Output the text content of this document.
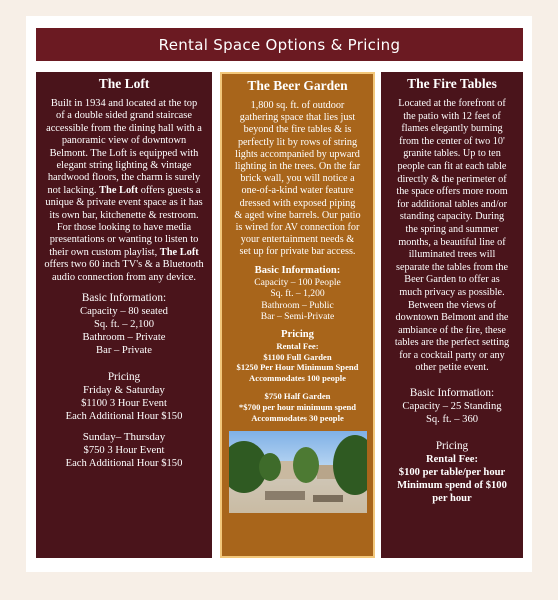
Rental Space Options & Pricing
The Loft

Built in 1934 and located at the top
of a double sided grand staircase
accessible from the dining hall with a
panoramic view of downtown
Belmont. The Loft is equipped with
elegant string lighting & vintage
hardwood floors, the charm is surely
not lacking. The Loft offers guests a
unique & private event space as it has
its own bar, kitchenette & restroom.
For those looking to have media
presentations or wanting to listen to
their own custom playlist, The Loft
offers two 60 inch TV's & a Bluetooth
audio connection from any device.

Basic Information:
Capacity – 80 seated
Sq. ft. – 2,100
Bathroom – Private
Bar – Private
Pricing
Friday & Saturday
$1100 3 Hour Event
Each Additional Hour $150
Sunday– Thursday
$750 3 Hour Event
Each Additional Hour $150
The Beer Garden

1,800 sq. ft. of outdoor
gathering space that lies just
beyond the fire tables & is
perfectly lit by rows of string
lights accompanied by upward
lighting in the trees. On the far
brick wall, you will notice a
one-of-a-kind water feature
dressed with exposed piping
& aged wine barrels. Our patio
is wired for AV connection for
your entertainment needs &
set up for private bar access.

Basic Information:
Capacity – 100 People
Sq. ft. – 1,200
Bathroom – Public
Bar – Semi-Private
Pricing

Rental Fee:

$1100 Full Garden

$1250 Per Hour Minimum Spend

Accommodates 100 people

$750 Half Garden

*$700 per hour minimum spend

Accommodates 30 people

The Fire Tables

Located at the forefront of
the patio with 12 feet of
flames elegantly burning
from the center of two 10'
granite tables. Up to ten
people can fit at each table
directly & the perimeter of
the space offers more room
for additional tables and/or
standing capacity. During
the spring and summer
months, a beautiful line of
illuminated trees will
separate the tables from the
Beer Garden to offer as
much privacy as possible.
Between the views of
downtown Belmont and the
ambiance of the fire, these
tables are the perfect setting
for a cocktail party or any
other petite event.

Basic Information:
Capacity – 25 Standing
Sq. ft. – 360
Pricing
Rental Fee:
$100 per table/per hour
Minimum spend of $100
per hour
